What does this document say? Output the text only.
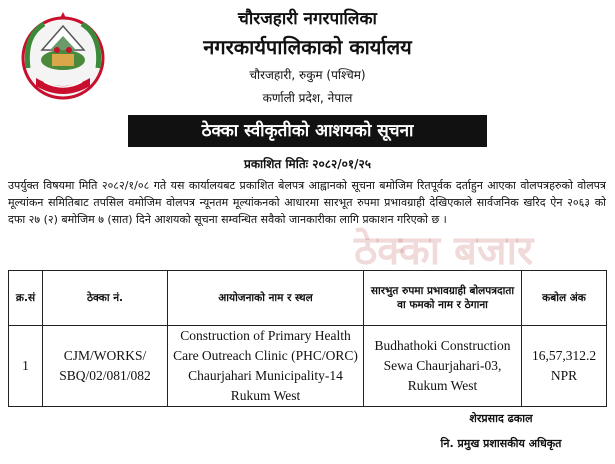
चौरजहारी नगरपालिका
नगरकार्यपालिकाको कार्यालय
चौरजहारी, रुकुम (पश्चिम)
कर्णाली प्रदेश, नेपाल
ठेक्का स्वीकृतीको आशयको सूचना
प्रकाशित मितिः २०८२/०१/२५
उपर्युक्त विषयमा मिति २०८२/१/०८ गते यस कार्यालयबट प्रकाशित बेलपत्र आह्वानको सूचना बमोजिम रितपूर्वक दर्ताहुन आएका वोलपत्रहरुको वोलपत्र मूल्यांकन समितिबाट तपसिल वमोजिम वोलपत्र न्यूनतम मूल्यांकनको आधारमा सारभूत रुपमा प्रभावग्राही देखिएकाले सार्वजनिक खरिद ऐन २०६३ को दफा २७ (२) बमोजिम ७ (सात) दिने आशयको सूचना सम्वन्धित सवैको जानकारीका लागि प्रकाशन गरिएको छ ।
ठेक्का बजार
क्र.सं	ठेक्का नं.	आयोजनाको नाम र स्थल	सारभुत रुपमा प्रभावग्राही बोलपत्रदाता वा फमको नाम र ठेगाना	कबोल अंक
1	CJM/WORKS/ SBQ/02/081/082	Construction of Primary Health Care Outreach Clinic (PHC/ORC) Chaurjahari Municipality-14 Rukum West	Budhathoki Construction Sewa Chaurjahari-03, Rukum West	16,57,312.2 NPR
शेरप्रसाद ढकाल
नि. प्रमुख प्रशासकीय अधिकृत
